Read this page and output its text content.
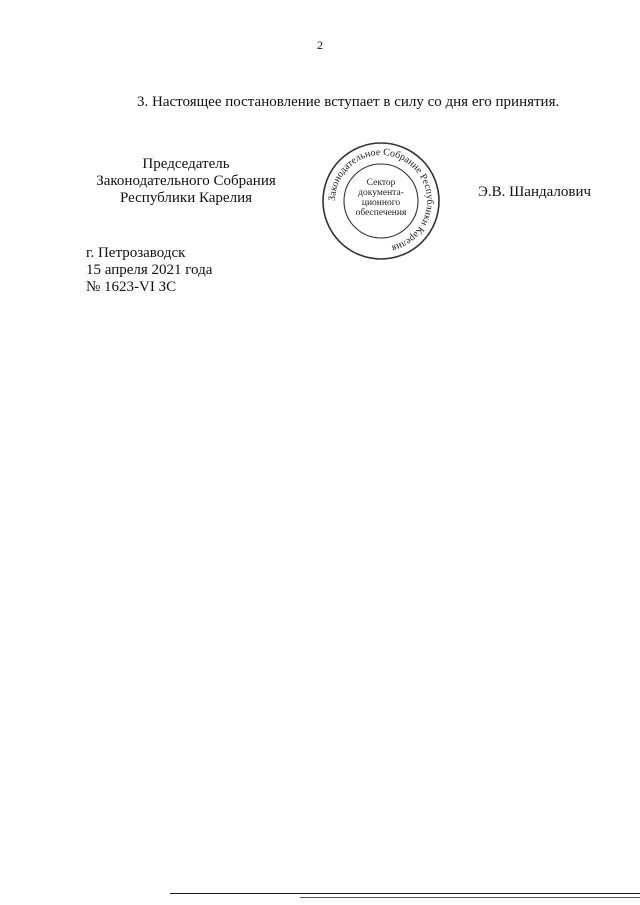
2
3. Настоящее постановление вступает в силу со дня его принятия.
Председатель
Законодательного Собрания
Республики Карелия	Законодательное Собрание Республики Карелия
Сектор
документа-
ционного
обеспечения
Э.В. Шандалович
г. Петрозаводск
15 апреля 2021 года
№ 1623-VI ЗС
